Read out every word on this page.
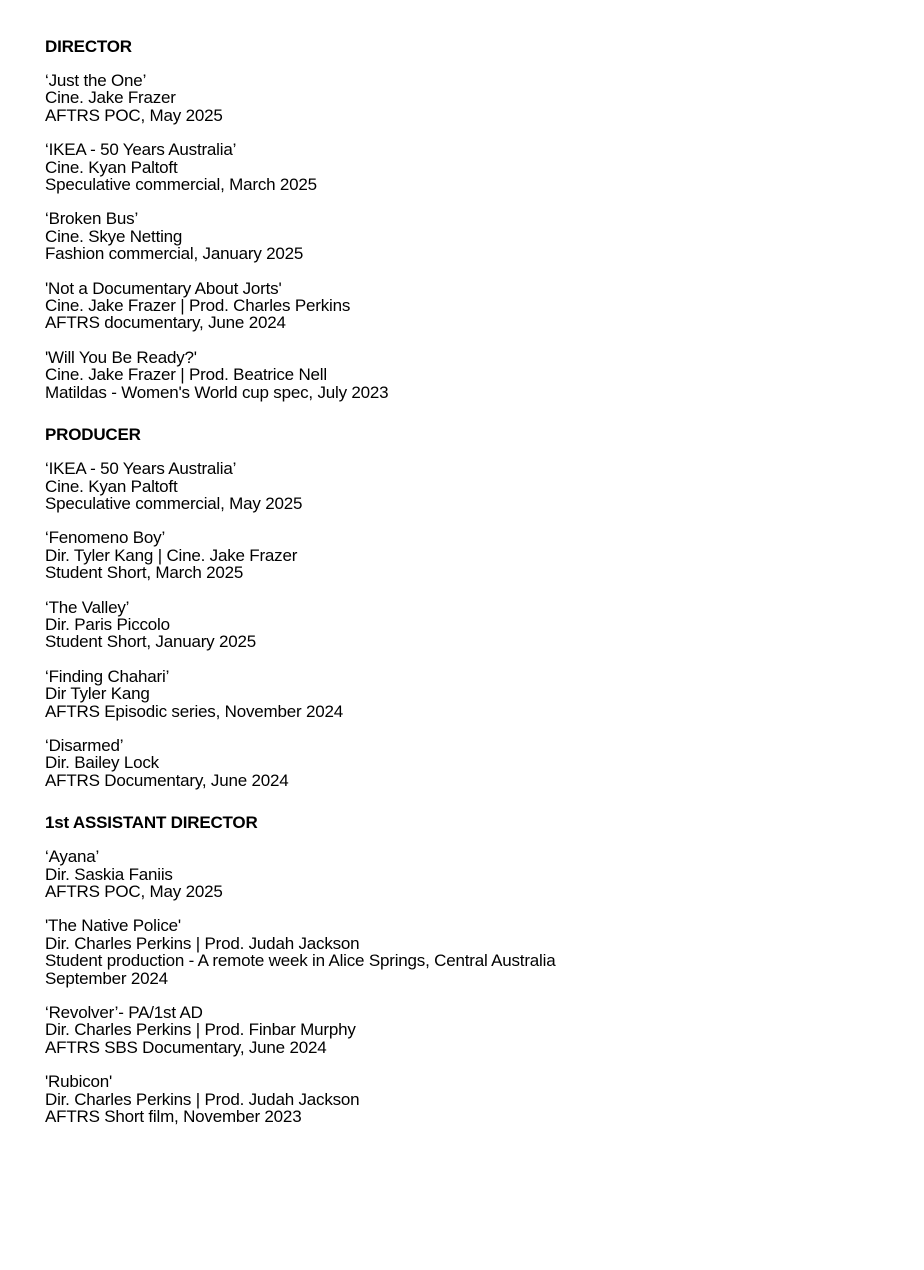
DIRECTOR
‘Just the One’
Cine. Jake Frazer
AFTRS POC, May 2025
‘IKEA - 50 Years Australia’
Cine. Kyan Paltoft
Speculative commercial, March 2025
‘Broken Bus’
Cine. Skye Netting
Fashion commercial, January 2025
'Not a Documentary About Jorts'
Cine. Jake Frazer | Prod. Charles Perkins
AFTRS documentary, June 2024
'Will You Be Ready?'
Cine. Jake Frazer | Prod. Beatrice Nell
Matildas - Women's World cup spec, July 2023
PRODUCER
‘IKEA - 50 Years Australia’
Cine. Kyan Paltoft
Speculative commercial, May 2025
‘Fenomeno Boy’
Dir. Tyler Kang | Cine. Jake Frazer
Student Short, March 2025
‘The Valley’
Dir. Paris Piccolo
Student Short, January 2025
‘Finding Chahari’
Dir Tyler Kang
AFTRS Episodic series, November 2024
‘Disarmed’
Dir. Bailey Lock
AFTRS Documentary, June 2024
1st ASSISTANT DIRECTOR
‘Ayana’
Dir. Saskia Faniis
AFTRS POC, May 2025
'The Native Police'
Dir. Charles Perkins | Prod. Judah Jackson
Student production - A remote week in Alice Springs, Central Australia
September 2024
‘Revolver’- PA/1st AD
Dir. Charles Perkins | Prod. Finbar Murphy
AFTRS SBS Documentary, June 2024
'Rubicon'
Dir. Charles Perkins | Prod. Judah Jackson
AFTRS Short film, November 2023
